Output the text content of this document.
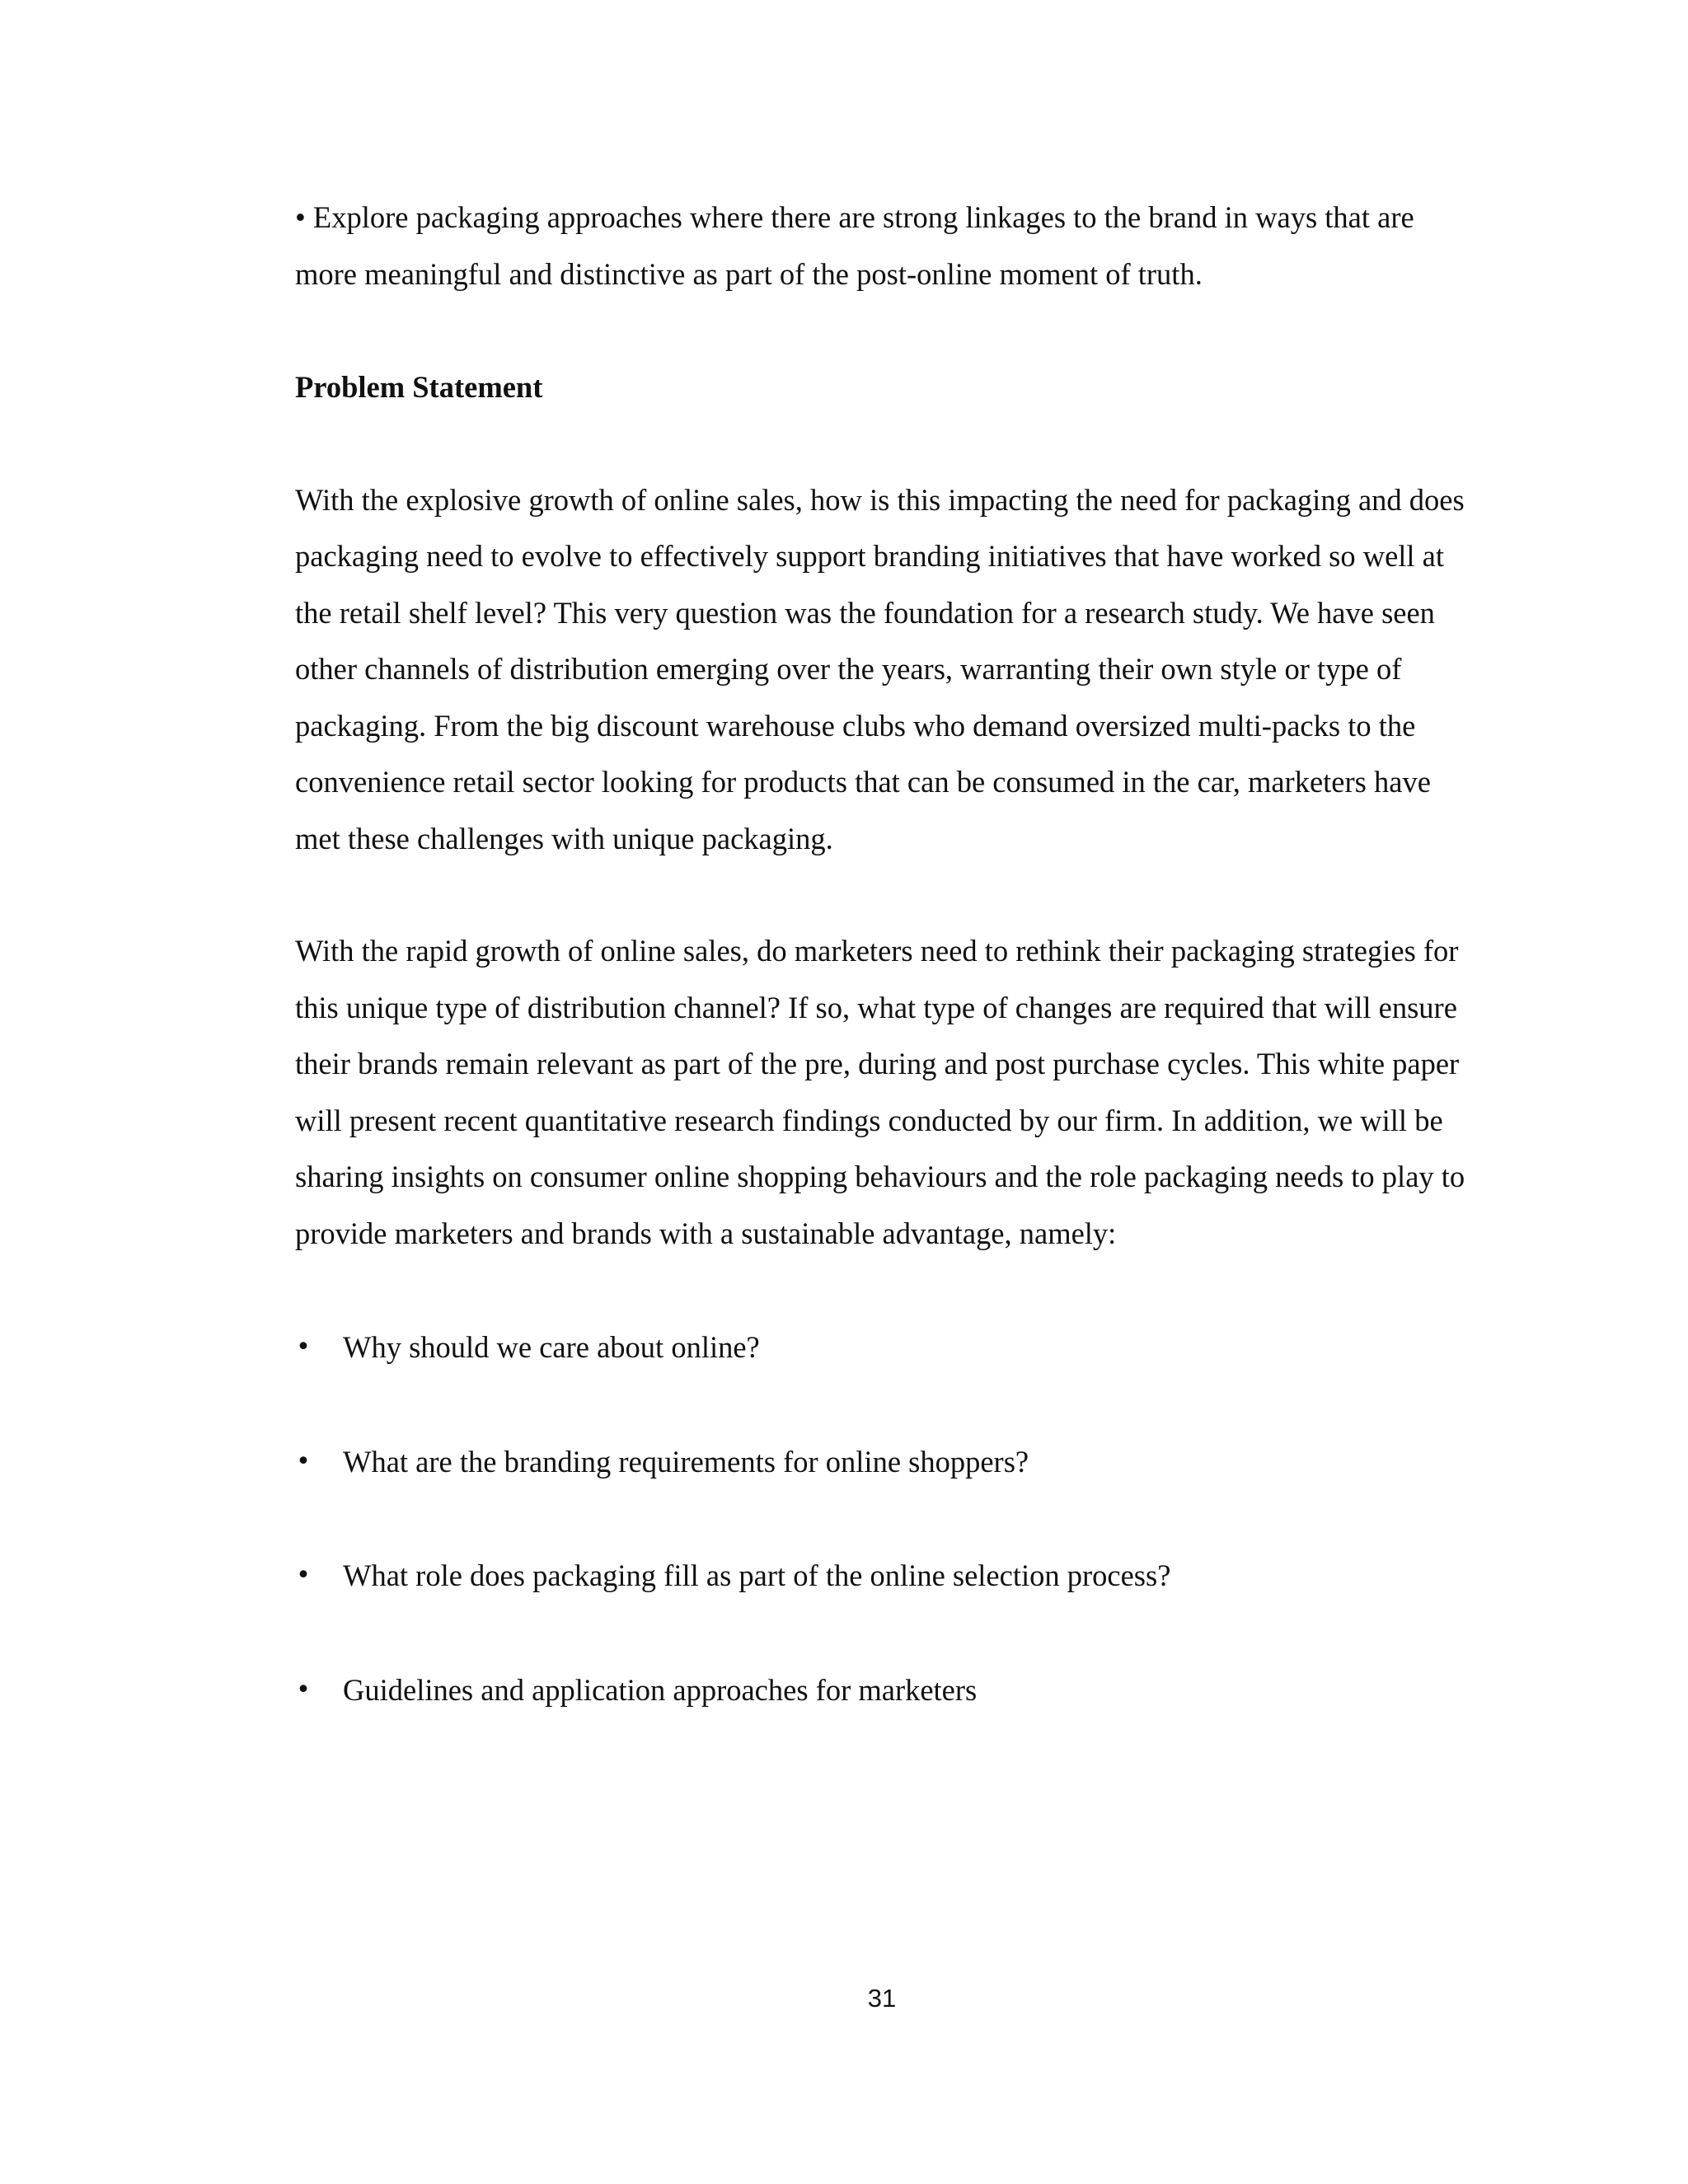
• Explore packaging approaches where there are strong linkages to the brand in ways that are more meaningful and distinctive as part of the post-online moment of truth.

Problem Statement

With the explosive growth of online sales, how is this impacting the need for packaging and does packaging need to evolve to effectively support branding initiatives that have worked so well at the retail shelf level? This very question was the foundation for a research study. We have seen other channels of distribution emerging over the years, warranting their own style or type of packaging. From the big discount warehouse clubs who demand oversized multi-packs to the convenience retail sector looking for products that can be consumed in the car, marketers have met these challenges with unique packaging.

With the rapid growth of online sales, do marketers need to rethink their packaging strategies for this unique type of distribution channel? If so, what type of changes are required that will ensure their brands remain relevant as part of the pre, during and post purchase cycles. This white paper will present recent quantitative research findings conducted by our firm. In addition, we will be sharing insights on consumer online shopping behaviours and the role packaging needs to play to provide marketers and brands with a sustainable advantage, namely:

• Why should we care about online?
• What are the branding requirements for online shoppers?
• What role does packaging fill as part of the online selection process?
• Guidelines and application approaches for marketers
31
